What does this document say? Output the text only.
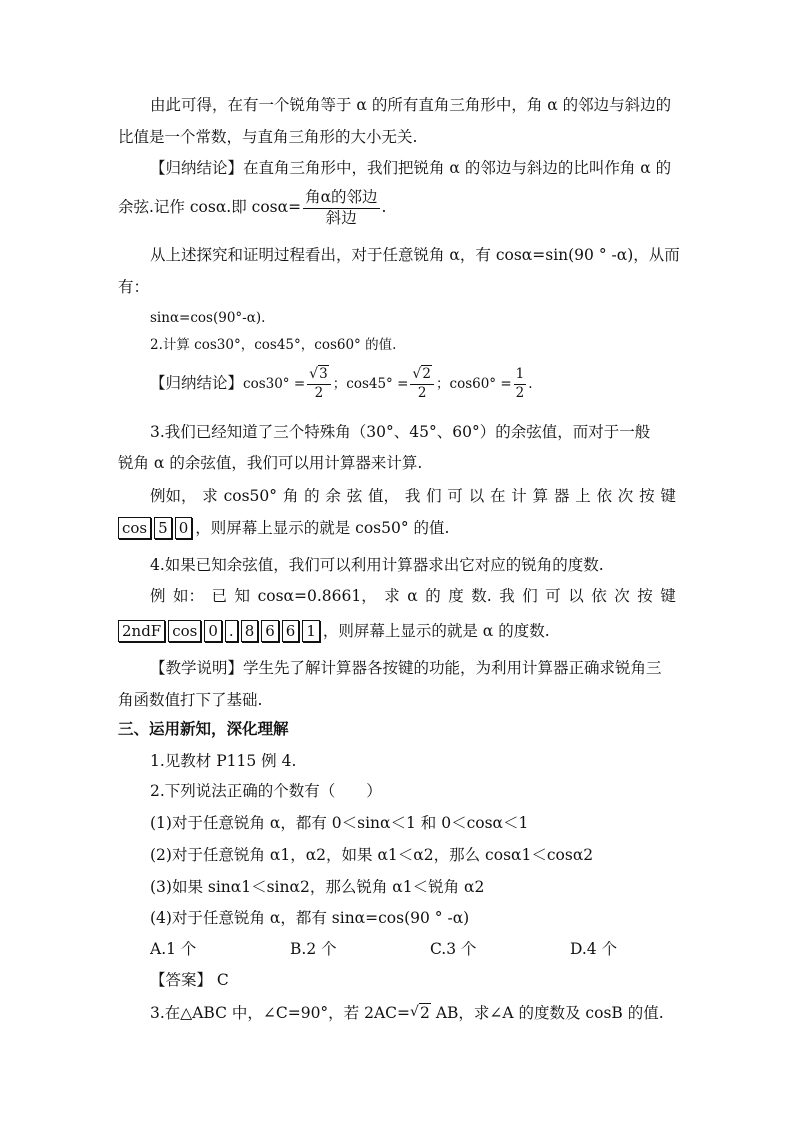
由此可得，在有一个锐角等于 α 的所有直角三角形中，角 α 的邻边与斜边的
比值是一个常数，与直角三角形的大小无关.
【归纳结论】在直角三角形中，我们把锐角 α 的邻边与斜边的比叫作角 α 的
余弦.记作 cosα.即 $\cos\alpha= \frac{\text{角α的邻边}}{\text{斜边}}$ .
从上述探究和证明过程看出，对于任意锐角 α，有 cosα=sin(90 ° -α)，从而
有：
sinα=cos(90°-α).
2.计算 cos30°，cos45°，cos60° 的值.
【归纳结论】cos30° = √ $\frac{3}{2}$ ；cos45° = √ $\frac{2}{2}$ ；$\cos 60^\circ = \frac{1}{2}$ .
3.我们已经知道了三个特殊角（30°、45°、60°）的余弦值，而对于一般
锐角 α 的余弦值，我们可以用计算器来计算.
例如， 求 cos50° 角 的 余 弦 值， 我 们 可 以 在 计 算 器 上 依 次 按 键
cos 5 0 ，则屏幕上显示的就是 cos50° 的值.
4.如果已知余弦值，我们可以利用计算器求出它对应的锐角的度数.
例 如： 已 知 cosα=0.8661， 求 α 的 度 数. 我 们 可 以 依 次 按 键
2ndF cos 0 . 8 6 6 1 ，则屏幕上显示的就是 α 的度数.
【教学说明】学生先了解计算器各按键的功能，为利用计算器正确求锐角三
角函数值打下了基础.
三、运用新知，深化理解
1.见教材 P115 例 4.
2.下列说法正确的个数有（　　）
(1)对于任意锐角 α，都有 0＜sinα＜1 和 0＜cosα＜1
(2)对于任意锐角 α1，α2，如果 α1＜α2，那么 cosα1＜cosα2
(3)如果 sinα1＜sinα2，那么锐角 α1＜锐角 α2
(4)对于任意锐角 α，都有 sinα=cos(90 ° -α)
A.1 个	B.2 个	C.3 个	D.4 个
【答案】 C
3.在△ABC 中，∠C=90°，若 2AC= √ 2 AB，求∠A 的度数及 cosB 的值.
